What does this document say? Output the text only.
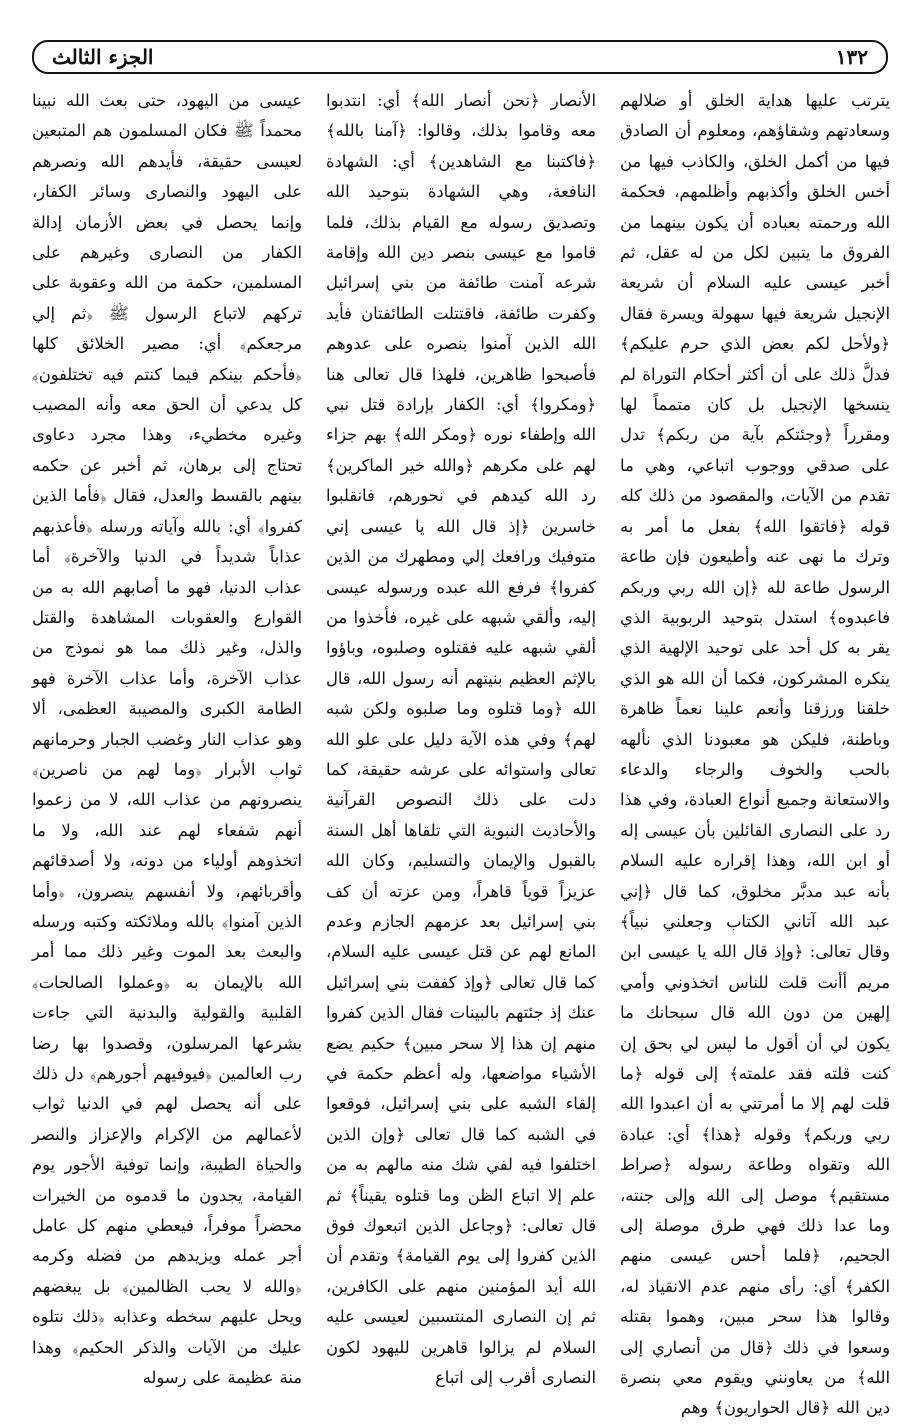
١٣٢
الجزء الثالث

يترتب عليها هداية الخلق أو ضلالهم وسعادتهم وشقاؤهم، ومعلوم أن الصادق فيها من أكمل الخلق، والكاذب فيها من أخس الخلق وأكذبهم وأظلمهم، فحكمة الله ورحمته بعباده أن يكون بينهما من الفروق ما يتبين لكل من له عقل، ثم أخبر عيسى عليه السلام أن شريعة الإنجيل شريعة فيها سهولة ويسرة فقال ﴿ولأحل لكم بعض الذي حرم عليكم﴾ فدلَّ ذلك على أن أكثر أحكام التوراة لم ينسخها الإنجيل بل كان متمماً لها ومقرراً ﴿وجئتكم بآية من ربكم﴾ تدل على صدقي ووجوب اتباعي، وهي ما تقدم من الآيات، والمقصود من ذلك كله قوله ﴿فاتقوا الله﴾ بفعل ما أمر به وترك ما نهى عنه وأطيعون فإن طاعة الرسول طاعة لله ﴿إن الله ربي وربكم فاعبدوه﴾ استدل بتوحيد الربوبية الذي يقر به كل أحد على توحيد الإلهية الذي ينكره المشركون، فكما أن الله هو الذي خلقنا ورزقنا وأنعم علينا نعماً ظاهرة وباطنة، فليكن هو معبودنا الذي نألهه بالحب والخوف والرجاء والدعاء والاستعانة وجميع أنواع العبادة، وفي هذا رد على النصارى القائلين بأن عيسى إله أو ابن الله، وهذا إقراره عليه السلام بأنه عبد مدبَّر مخلوق، كما قال ﴿إني عبد الله آتاني الكتاب وجعلني نبياً﴾ وقال تعالى: ﴿وإذ قال الله يا عيسى ابن مريم أأنت قلت للناس اتخذوني وأمي إلهين من دون الله قال سبحانك ما يكون لي أن أقول ما ليس لي بحق إن كنت قلته فقد علمته﴾ إلى قوله ﴿ما قلت لهم إلا ما أمرتني به أن اعبدوا الله ربي وربكم﴾ وقوله ﴿هذا﴾ أي: عبادة الله وتقواه وطاعة رسوله ﴿صراط مستقيم﴾ موصل إلى الله وإلى جنته، وما عدا ذلك فهي طرق موصلة إلى الجحيم، ﴿فلما أحس عيسى منهم الكفر﴾ أي: رأى منهم عدم الانقياد له، وقالوا هذا سحر مبين، وهموا بقتله وسعوا في ذلك ﴿قال من أنصاري إلى الله﴾ من يعاونني ويقوم معي بنصرة دين الله ﴿قال الحواريون﴾ وهم

الأنصار ﴿نحن أنصار الله﴾ أي: انتدبوا معه وقاموا بذلك، وقالوا: ﴿آمنا بالله﴾ ﴿فاكتبنا مع الشاهدين﴾ أي: الشهادة النافعة، وهي الشهادة بتوحيد الله وتصديق رسوله مع القيام بذلك، فلما قاموا مع عيسى بنصر دين الله وإقامة شرعه آمنت طائفة من بني إسرائيل وكفرت طائفة، فاقتتلت الطائفتان فأيد الله الذين آمنوا بنصره على عدوهم فأصبحوا ظاهرين، فلهذا قال تعالى هنا ﴿ومكروا﴾ أي: الكفار بإرادة قتل نبي الله وإطفاء نوره ﴿ومكر الله﴾ بهم جزاء لهم على مكرهم ﴿والله خير الماكرين﴾ رد الله كيدهم في نحورهم، فانقلبوا خاسرين ﴿إذ قال الله يا عيسى إني متوفيك ورافعك إلي ومطهرك من الذين كفروا﴾ فرفع الله عبده ورسوله عيسى إليه، وألقي شبهه على غيره، فأخذوا من ألقي شبهه عليه فقتلوه وصلبوه، وباؤوا بالإثم العظيم بنيتهم أنه رسول الله، قال الله ﴿وما قتلوه وما صلبوه ولكن شبه لهم﴾ وفي هذه الآية دليل على علو الله تعالى واستوائه على عرشه حقيقة، كما دلت على ذلك النصوص القرآنية والأحاديث النبوية التي تلقاها أهل السنة بالقبول والإيمان والتسليم، وكان الله عزيزاً قوياً قاهراً، ومن عزته أن كف بني إسرائيل بعد عزمهم الجازم وعدم المانع لهم عن قتل عيسى عليه السلام، كما قال تعالى ﴿وإذ كففت بني إسرائيل عنك إذ جئتهم بالبينات فقال الذين كفروا منهم إن هذا إلا سحر مبين﴾ حكيم يضع الأشياء مواضعها، وله أعظم حكمة في إلقاء الشبه على بني إسرائيل، فوقعوا في الشبه كما قال تعالى ﴿وإن الذين اختلفوا فيه لفي شك منه مالهم به من علم إلا اتباع الظن وما قتلوه يقيناً﴾ ثم قال تعالى: ﴿وجاعل الذين اتبعوك فوق الذين كفروا إلى يوم القيامة﴾ وتقدم أن الله أيد المؤمنين منهم على الكافرين، ثم إن النصارى المنتسبين لعيسى عليه السلام لم يزالوا قاهرين لليهود لكون النصارى أقرب إلى اتباع

عيسى من اليهود، حتى بعث الله نبينا محمداً ﷺ فكان المسلمون هم المتبعين لعيسى حقيقة، فأيدهم الله ونصرهم على اليهود والنصارى وسائر الكفار، وإنما يحصل في بعض الأزمان إدالة الكفار من النصارى وغيرهم على المسلمين، حكمة من الله وعقوبة على تركهم لاتباع الرسول ﷺ ﴿ثم إلي مرجعكم﴾ أي: مصير الخلائق كلها ﴿فأحكم بينكم فيما كنتم فيه تختلفون﴾ كل يدعي أن الحق معه وأنه المصيب وغيره مخطيء، وهذا مجرد دعاوى تحتاج إلى برهان، ثم أخبر عن حكمه بينهم بالقسط والعدل، فقال ﴿فأما الذين كفروا﴾ أي: بالله وآياته ورسله ﴿فأعذبهم عذاباً شديداً في الدنيا والآخرة﴾ أما عذاب الدنيا، فهو ما أصابهم الله به من القوارع والعقوبات المشاهدة والقتل والذل، وغير ذلك مما هو نموذج من عذاب الآخرة، وأما عذاب الآخرة فهو الطامة الكبرى والمصيبة العظمى، ألا وهو عذاب النار وغضب الجبار وحرمانهم ثواب الأبرار ﴿وما لهم من ناصرين﴾ ينصرونهم من عذاب الله، لا من زعموا أنهم شفعاء لهم عند الله، ولا ما اتخذوهم أولياء من دونه، ولا أصدقائهم وأقربائهم، ولا أنفسهم ينصرون، ﴿وأما الذين آمنوا﴾ بالله وملائكته وكتبه ورسله والبعث بعد الموت وغير ذلك مما أمر الله بالإيمان به ﴿وعملوا الصالحات﴾ القلبية والقولية والبدنية التي جاءت بشرعها المرسلون، وقصدوا بها رضا رب العالمين ﴿فيوفيهم أجورهم﴾ دل ذلك على أنه يحصل لهم في الدنيا ثواب لأعمالهم من الإكرام والإعزاز والنصر والحياة الطيبة، وإنما توفية الأجور يوم القيامة، يجدون ما قدموه من الخيرات محضراً موفراً، فيعطي منهم كل عامل أجر عمله ويزيدهم من فضله وكرمه ﴿والله لا يحب الظالمين﴾ بل يبغضهم ويحل عليهم سخطه وعذابه ﴿ذلك نتلوه عليك من الآيات والذكر الحكيم﴾ وهذا منة عظيمة على رسوله
